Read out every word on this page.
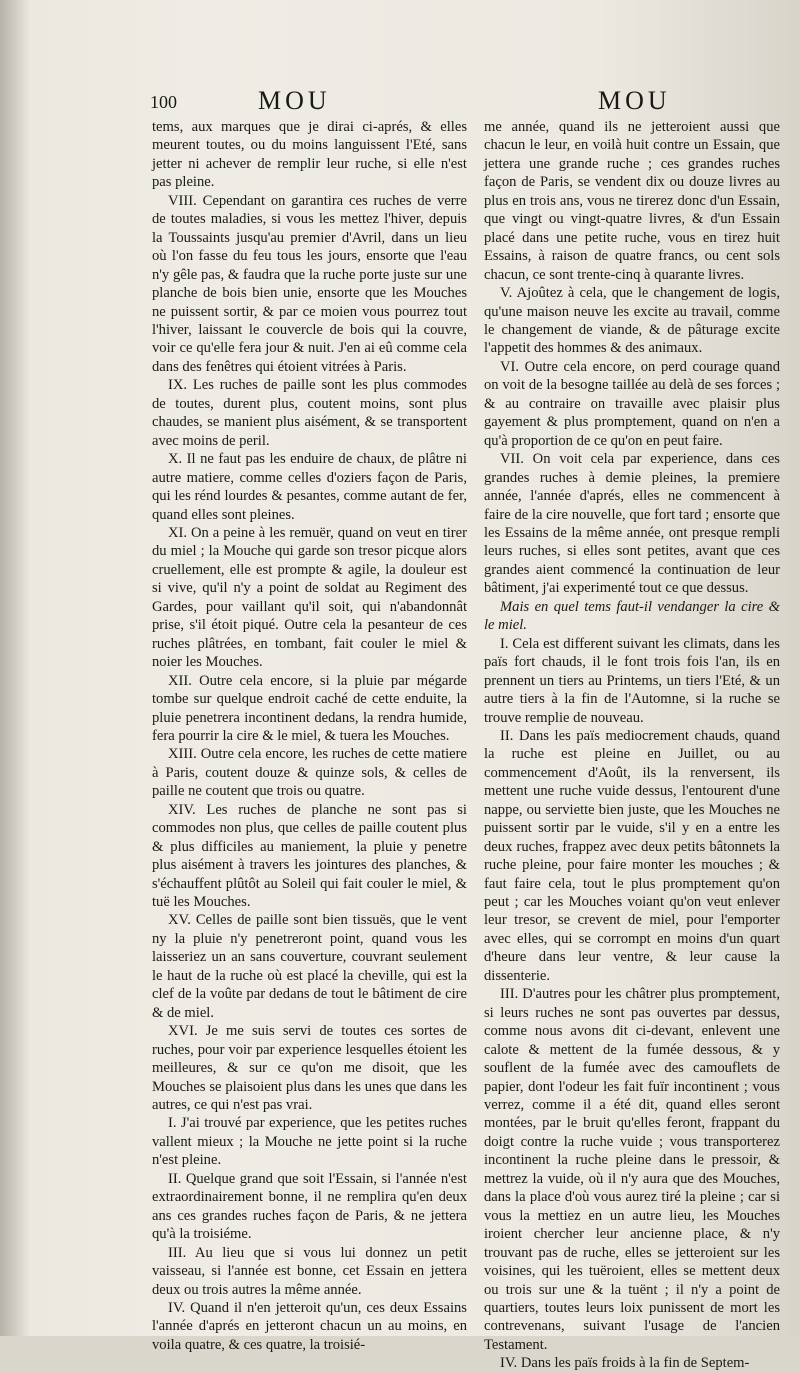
100	MOU	MOU

tems, aux marques que je dirai ci-aprés, & elles meurent toutes, ou du moins languissent l'Eté, sans jetter ni achever de remplir leur ruche, si elle n'est pas pleine.

VIII. Cependant on garantira ces ruches de verre de toutes maladies, si vous les mettez l'hiver, depuis la Toussaints jusqu'au premier d'Avril, dans un lieu où l'on fasse du feu tous les jours, ensorte que l'eau n'y gêle pas, & faudra que la ruche porte juste sur une planche de bois bien unie, ensorte que les Mouches ne puissent sortir, & par ce moien vous pourrez tout l'hiver, laissant le couvercle de bois qui la couvre, voir ce qu'elle fera jour & nuit. J'en ai eû comme cela dans des fenêtres qui étoient vitrées à Paris.

IX. Les ruches de paille sont les plus commodes de toutes, durent plus, coutent moins, sont plus chaudes, se manient plus aisément, & se transportent avec moins de peril.

X. Il ne faut pas les enduire de chaux, de plâtre ni autre matiere, comme celles d'oziers façon de Paris, qui les rénd lourdes & pesantes, comme autant de fer, quand elles sont pleines.

XI. On a peine à les remuër, quand on veut en tirer du miel ; la Mouche qui garde son tresor picque alors cruellement, elle est prompte & agile, la douleur est si vive, qu'il n'y a point de soldat au Regiment des Gardes, pour vaillant qu'il soit, qui n'abandonnât prise, s'il étoit piqué. Outre cela la pesanteur de ces ruches plâtrées, en tombant, fait couler le miel & noier les Mouches.

XII. Outre cela encore, si la pluie par mégarde tombe sur quelque endroit caché de cette enduite, la pluie penetrera incontinent dedans, la rendra humide, fera pourrir la cire & le miel, & tuera les Mouches.

XIII. Outre cela encore, les ruches de cette matiere à Paris, coutent douze & quinze sols, & celles de paille ne coutent que trois ou quatre.

XIV. Les ruches de planche ne sont pas si commodes non plus, que celles de paille coutent plus & plus difficiles au maniement, la pluie y penetre plus aisément à travers les jointures des planches, & s'échauffent plûtôt au Soleil qui fait couler le miel, & tuë les Mouches.

XV. Celles de paille sont bien tissuës, que le vent ny la pluie n'y penetreront point, quand vous les laisseriez un an sans couverture, couvrant seulement le haut de la ruche où est placé la cheville, qui est la clef de la voûte par dedans de tout le bâtiment de cire & de miel.

XVI. Je me suis servi de toutes ces sortes de ruches, pour voir par experience lesquelles étoient les meilleures, & sur ce qu'on me disoit, que les Mouches se plaisoient plus dans les unes que dans les autres, ce qui n'est pas vrai.

I. J'ai trouvé par experience, que les petites ruches vallent mieux ; la Mouche ne jette point si la ruche n'est pleine.

II. Quelque grand que soit l'Essain, si l'année n'est extraordinairement bonne, il ne remplira qu'en deux ans ces grandes ruches façon de Paris, & ne jettera qu'à la troisiéme.

III. Au lieu que si vous lui donnez un petit vaisseau, si l'année est bonne, cet Essain en jettera deux ou trois autres la même année.

IV. Quand il n'en jetteroit qu'un, ces deux Essains l'année d'aprés en jetteront chacun un au moins, en voila quatre, & ces quatre, la troisié-

me année, quand ils ne jetteroient aussi que chacun le leur, en voilà huit contre un Essain, que jettera une grande ruche ; ces grandes ruches façon de Paris, se vendent dix ou douze livres au plus en trois ans, vous ne tirerez donc d'un Essain, que vingt ou vingt-quatre livres, & d'un Essain placé dans une petite ruche, vous en tirez huit Essains, à raison de quatre francs, ou cent sols chacun, ce sont trente-cinq à quarante livres.

V. Ajoûtez à cela, que le changement de logis, qu'une maison neuve les excite au travail, comme le changement de viande, & de pâturage excite l'appetit des hommes & des animaux.

VI. Outre cela encore, on perd courage quand on voit de la besogne taillée au delà de ses forces ; & au contraire on travaille avec plaisir plus gayement & plus promptement, quand on n'en a qu'à proportion de ce qu'on en peut faire.

VII. On voit cela par experience, dans ces grandes ruches à demie pleines, la premiere année, l'année d'aprés, elles ne commencent à faire de la cire nouvelle, que fort tard ; ensorte que les Essains de la même année, ont presque rempli leurs ruches, si elles sont petites, avant que ces grandes aient commencé la continuation de leur bâtiment, j'ai experimenté tout ce que dessus.

Mais en quel tems faut-il vendanger la cire & le miel.

I. Cela est different suivant les climats, dans les païs fort chauds, il le font trois fois l'an, ils en prennent un tiers au Printems, un tiers l'Eté, & un autre tiers à la fin de l'Automne, si la ruche se trouve remplie de nouveau.

II. Dans les païs mediocrement chauds, quand la ruche est pleine en Juillet, ou au commencement d'Août, ils la renversent, ils mettent une ruche vuide dessus, l'entourent d'une nappe, ou serviette bien juste, que les Mouches ne puissent sortir par le vuide, s'il y en a entre les deux ruches, frappez avec deux petits bâtonnets la ruche pleine, pour faire monter les mouches ; & faut faire cela, tout le plus promptement qu'on peut ; car les Mouches voiant qu'on veut enlever leur tresor, se crevent de miel, pour l'emporter avec elles, qui se corrompt en moins d'un quart d'heure dans leur ventre, & leur cause la dissenterie.

III. D'autres pour les châtrer plus promptement, si leurs ruches ne sont pas ouvertes par dessus, comme nous avons dit ci-devant, enlevent une calote & mettent de la fumée dessous, & y souflent de la fumée avec des camouflets de papier, dont l'odeur les fait fuïr incontinent ; vous verrez, comme il a été dit, quand elles seront montées, par le bruit qu'elles feront, frappant du doigt contre la ruche vuide ; vous transporterez incontinent la ruche pleine dans le pressoir, & mettrez la vuide, où il n'y aura que des Mouches, dans la place d'où vous aurez tiré la pleine ; car si vous la mettiez en un autre lieu, les Mouches iroient chercher leur ancienne place, & n'y trouvant pas de ruche, elles se jetteroient sur les voisines, qui les tuëroient, elles se mettent deux ou trois sur une & la tuënt ; il n'y a point de quartiers, toutes leurs loix punissent de mort les contrevenans, suivant l'usage de l'ancien Testament.

IV. Dans les païs froids à la fin de Septem-
